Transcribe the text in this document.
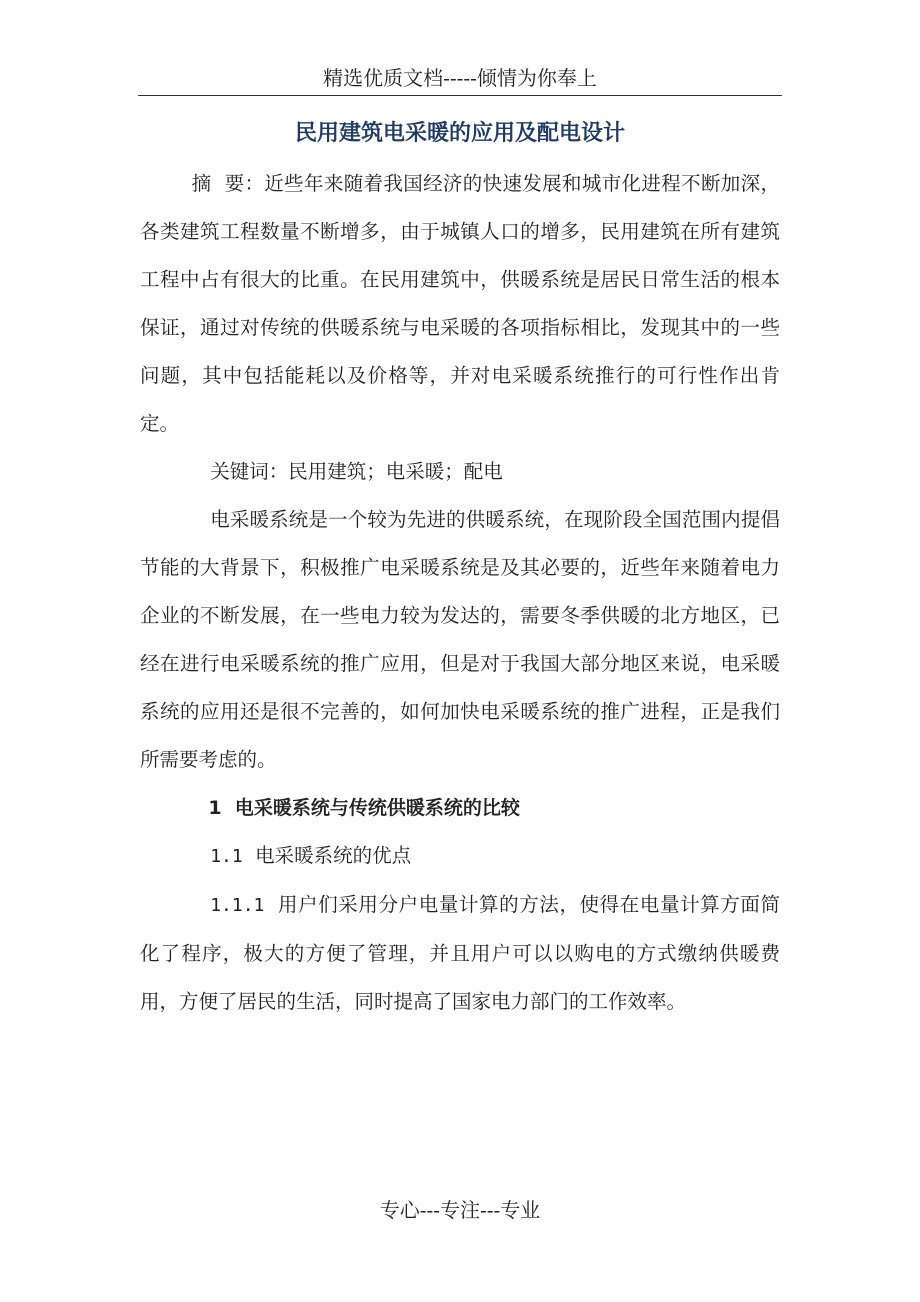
精选优质文档-----倾情为你奉上
民用建筑电采暖的应用及配电设计

摘  要：近些年来随着我国经济的快速发展和城市化进程不断加深，各类建筑工程数量不断增多，由于城镇人口的增多，民用建筑在所有建筑工程中占有很大的比重。在民用建筑中，供暖系统是居民日常生活的根本保证，通过对传统的供暖系统与电采暖的各项指标相比，发现其中的一些问题，其中包括能耗以及价格等，并对电采暖系统推行的可行性作出肯定。

关键词：民用建筑；电采暖；配电

电采暖系统是一个较为先进的供暖系统，在现阶段全国范围内提倡节能的大背景下，积极推广电采暖系统是及其必要的，近些年来随着电力企业的不断发展，在一些电力较为发达的，需要冬季供暖的北方地区，已经在进行电采暖系统的推广应用，但是对于我国大部分地区来说，电采暖系统的应用还是很不完善的，如何加快电采暖系统的推广进程，正是我们所需要考虑的。

1 电采暖系统与传统供暖系统的比较

1.1 电采暖系统的优点

1.1.1 用户们采用分户电量计算的方法，使得在电量计算方面简化了程序，极大的方便了管理，并且用户可以以购电的方式缴纳供暖费用，方便了居民的生活，同时提高了国家电力部门的工作效率。

专心---专注---专业
